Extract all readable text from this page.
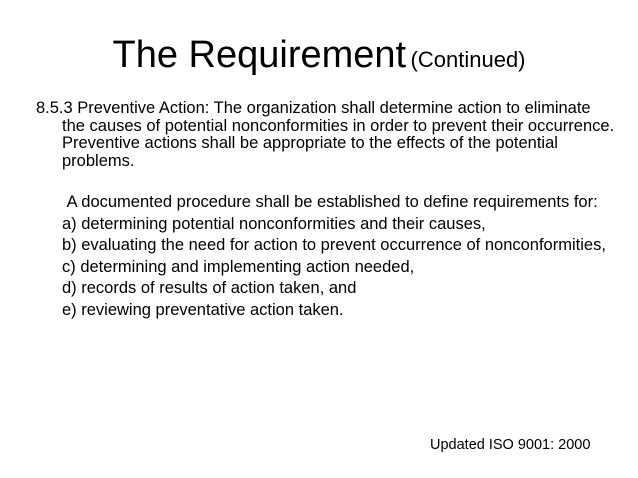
The Requirement (Continued)

8.5.3 Preventive Action: The organization shall determine action to eliminate the causes of potential nonconformities in order to prevent their occurrence. Preventive actions shall be appropriate to the effects of the potential problems.

A documented procedure shall be established to define requirements for:

a) determining potential nonconformities and their causes,

b) evaluating the need for action to prevent occurrence of nonconformities,

c) determining and implementing action needed,

d) records of results of action taken, and

e) reviewing preventative action taken.

Updated ISO 9001: 2000
